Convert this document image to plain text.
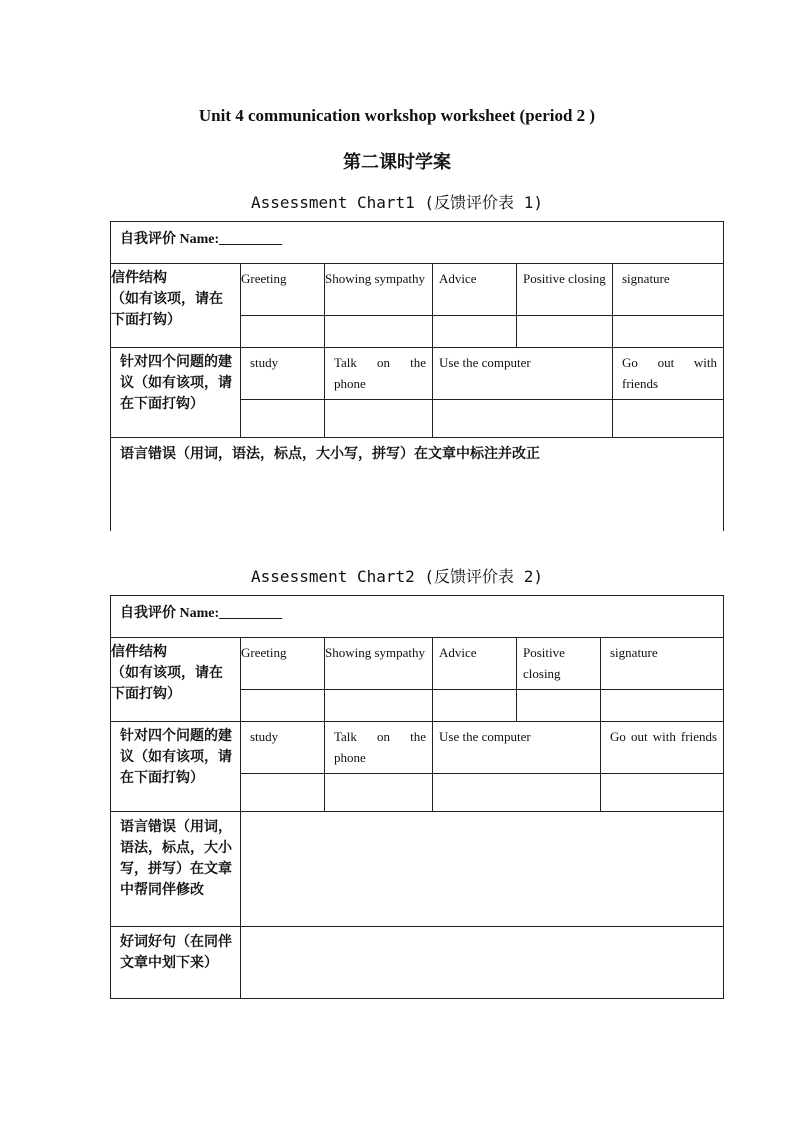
Unit 4 communication workshop worksheet (period 2 )
第二课时学案
Assessment Chart1 (反馈评价表 1)
自我评价 Name:_________					
信件结构
（如有该项，请在下面打钩）	Greeting	Showing sympathy	Advice	Positive closing	signature

针对四个问题的建议（如有该项，请在下面打钩）	study	Talk on the phone	Use the computer		Go out with friends

语言错误（用词，语法，标点，大小写，拼写）在文章中标注并改正					
Assessment Chart2 (反馈评价表 2)
自我评价 Name:_________					
信件结构
（如有该项，请在下面打钩）	Greeting	Showing sympathy	Advice	Positive closing	signature

针对四个问题的建议（如有该项，请在下面打钩）	study	Talk on the phone	Use the computer		Go out with friends

语言错误（用词，语法，标点，大小写，拼写）在文章中帮同伴修改					
好词好句（在同伴文章中划下来）					
